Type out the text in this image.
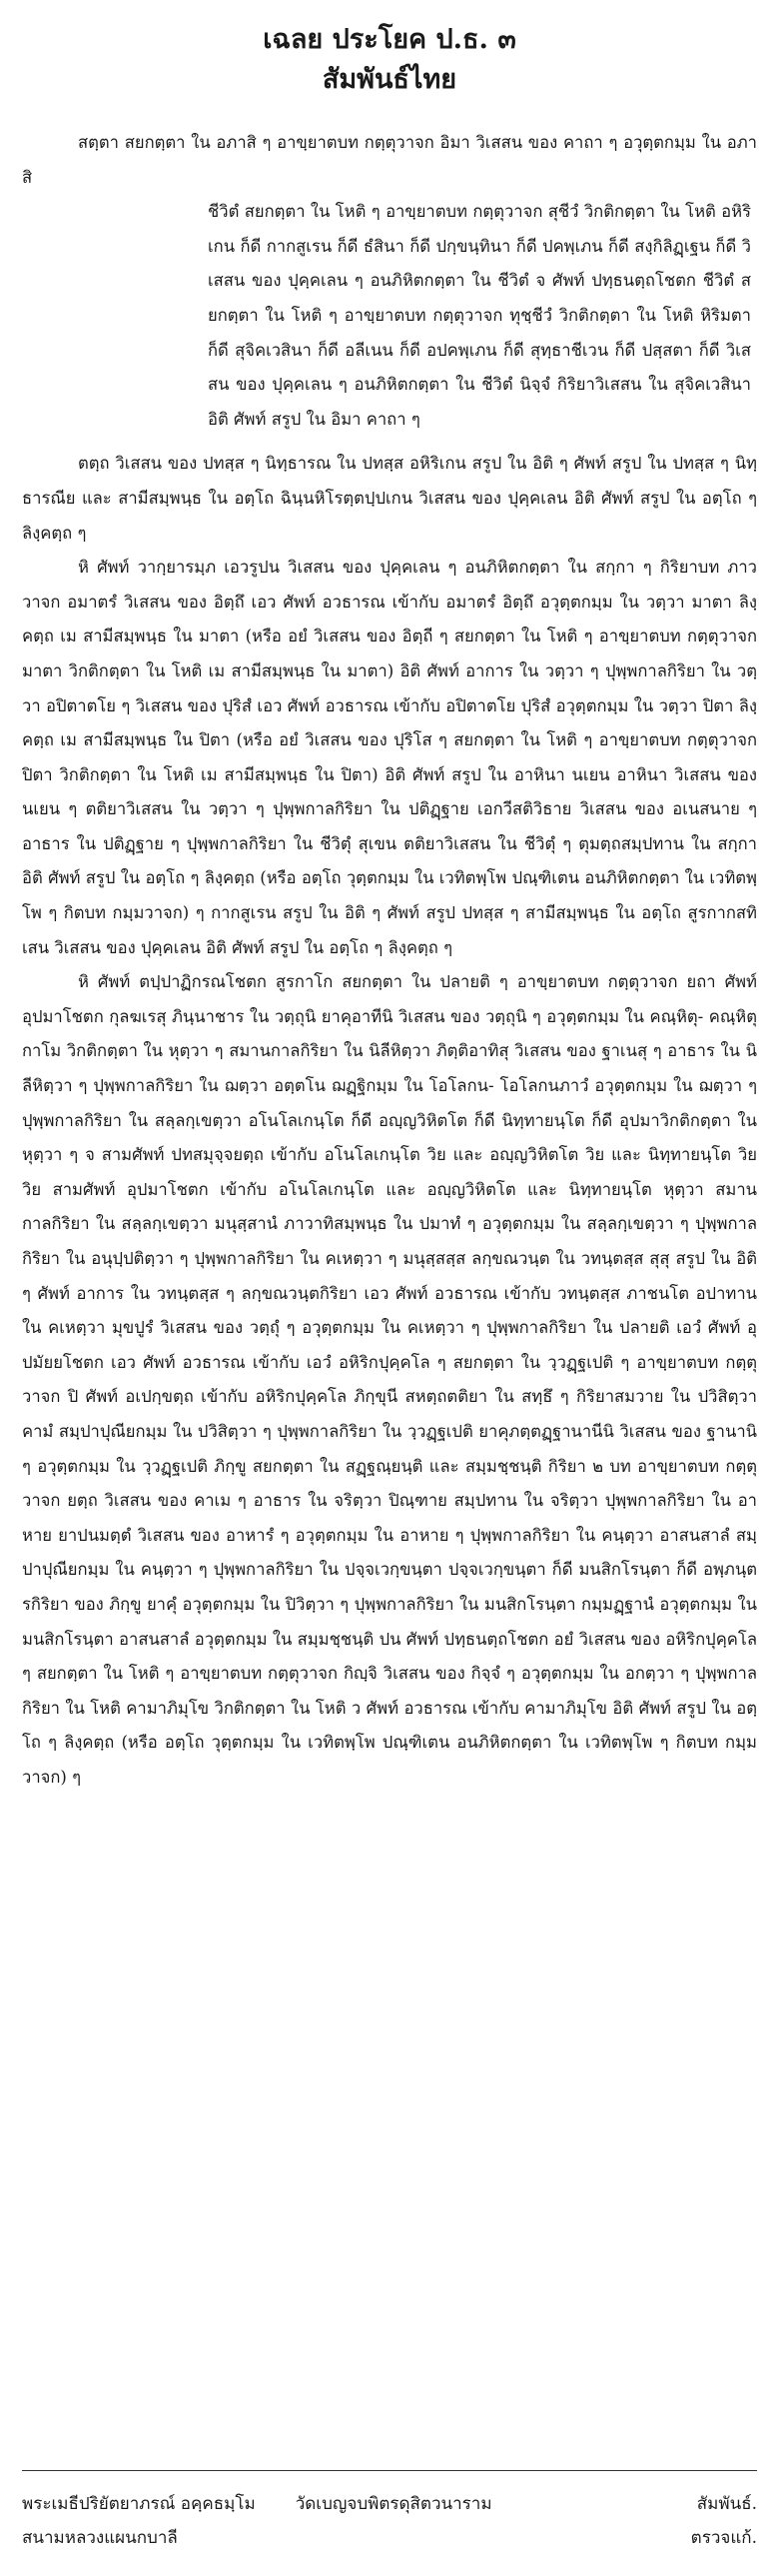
เฉลย ประโยค ป.ธ. ๓
สัมพันธ์ไทย

สตฺตา สยกตฺตา ใน อภาสิ ๆ อาขฺยาตบท กตฺตุวาจก อิมา วิเสสน ของ คาถา ๆ อวุตฺตกมฺม ใน อภาสิ

ชีวิตํ สยกตฺตา ใน โหติ ๆ อาขฺยาตบท กตฺตุวาจก สุชีวํ วิกติกตฺตา ใน โหติ อหิริเกน ก็ดี กากสูเรน ก็ดี ธํสินา ก็ดี ปกฺขนฺทินา ก็ดี ปคพฺเภน ก็ดี สงฺกิลิฏฺเฐน ก็ดี วิเสสน ของ ปุคฺคเลน ๆ อนภิหิตกตฺตา ใน ชีวิตํ จ ศัพท์ ปทฺธนตฺถโชตก ชีวิตํ สยกตฺตา ใน โหติ ๆ อาขฺยาตบท กตฺตุวาจก ทุชฺชีวํ วิกติกตฺตา ใน โหติ หิริมตา ก็ดี สุจิคเวสินา ก็ดี อลีเนน ก็ดี อปคพฺเภน ก็ดี สุทฺธาชีเวน ก็ดี ปสฺสตา ก็ดี วิเสสน ของ ปุคฺคเลน ๆ อนภิหิตกตฺตา ใน ชีวิตํ นิจฺจํ กิริยาวิเสสน ใน สุจิคเวสินา อิติ ศัพท์ สรูป ใน อิมา คาถา ๆ

ตตฺถ วิเสสน ของ ปทสฺส ๆ นิทฺธารณ ใน ปทสฺส อหิริเกน สรูป ใน อิติ ๆ ศัพท์ สรูป ใน ปทสฺส ๆ นิทฺธารณีย และ สามีสมฺพนฺธ ใน อตฺโถ ฉินฺนหิโรตฺตปฺปเกน วิเสสน ของ ปุคฺคเลน อิติ ศัพท์ สรูป ใน อตฺโถ ๆ ลิงฺคตฺถ ๆ

หิ ศัพท์ วากฺยารมฺภ เอวรูปน วิเสสน ของ ปุคฺคเลน ๆ อนภิหิตกตฺตา ใน สกฺกา ๆ กิริยาบท ภาววาจก อมาตรํ วิเสสน ของ อิตฺถึ เอว ศัพท์ อวธารณ เข้ากับ อมาตรํ อิตฺถึ อวุตฺตกมฺม ใน วตฺวา มาตา ลิงฺคตฺถ เม สามีสมฺพนฺธ ใน มาตา (หรือ อยํ วิเสสน ของ อิตฺถี ๆ สยกตฺตา ใน โหติ ๆ อาขฺยาตบท กตฺตุวาจก มาตา วิกติกตฺตา ใน โหติ เม สามีสมฺพนฺธ ใน มาตา) อิติ ศัพท์ อาการ ใน วตฺวา ๆ ปุพฺพกาลกิริยา ใน วตฺวา อปิตาตโย ๆ วิเสสน ของ ปุริสํ เอว ศัพท์ อวธารณ เข้ากับ อปิตาตโย ปุริสํ อวุตฺตกมฺม ใน วตฺวา ปิตา ลิงฺคตฺถ เม สามีสมฺพนฺธ ใน ปิตา (หรือ อยํ วิเสสน ของ ปุริโส ๆ สยกตฺตา ใน โหติ ๆ อาขฺยาตบท กตฺตุวาจก ปิตา วิกติกตฺตา ใน โหติ เม สามีสมฺพนฺธ ใน ปิตา) อิติ ศัพท์ สรูป ใน อาหินา นเยน อาหินา วิเสสน ของ นเยน ๆ ตติยาวิเสสน ใน วตฺวา ๆ ปุพฺพกาลกิริยา ใน ปติฏฺฐาย เอกวีสติวิธาย วิเสสน ของ อเนสนาย ๆ อาธาร ใน ปติฏฺฐาย ๆ ปุพฺพกาลกิริยา ใน ชีวิตุํ สุเขน ตติยาวิเสสน ใน ชีวิตุํ ๆ ตุมตฺถสมฺปทาน ใน สกฺกา อิติ ศัพท์ สรูป ใน อตฺโถ ๆ ลิงฺคตฺถ (หรือ อตฺโถ วุตฺตกมฺม ใน เวทิตพฺโพ ปณฺฑิเตน อนภิหิตกตฺตา ใน เวทิตพฺโพ ๆ กิตบท กมฺมวาจก) ๆ กากสูเรน สรูป ใน อิติ ๆ ศัพท์ สรูป ปทสฺส ๆ สามีสมฺพนฺธ ใน อตฺโถ สูรกากสทิเสน วิเสสน ของ ปุคฺคเลน อิติ ศัพท์ สรูป ใน อตฺโถ ๆ ลิงฺคตฺถ ๆ

หิ ศัพท์ ตปฺปาฏิกรณโชตก สูรกาโก สยกตฺตา ใน ปลายติ ๆ อาขฺยาตบท กตฺตุวาจก ยถา ศัพท์ อุปมาโชตก กุลฆเรสุ ภินฺนาชาร ใน วตฺถุนิ ยาคุอาทีนิ วิเสสน ของ วตฺถุนิ ๆ อวุตฺตกมฺม ใน คณฺหิตุ- คณฺหิตุกาโม วิกติกตฺตา ใน หุตฺวา ๆ สมานกาลกิริยา ใน นิลีหิตฺวา ภิตฺติอาทิสุ วิเสสน ของ ฐาเนสุ ๆ อาธาร ใน นิลีหิตฺวา ๆ ปุพฺพกาลกิริยา ใน ฌตฺวา อตฺตโน ฌฏฺฐิกมฺม ใน โอโลกน- โอโลกนภาวํ อวุตฺตกมฺม ใน ฌตฺวา ๆ ปุพฺพกาลกิริยา ใน สลฺลกฺเขตฺวา อโนโลเกนฺโต ก็ดี อญฺญวิหิตโต ก็ดี นิทฺทายนฺโต ก็ดี อุปมาวิกติกตฺตา ใน หุตฺวา ๆ จ สามศัพท์ ปทสมุจฺจยตฺถ เข้ากับ อโนโลเกนฺโต วิย และ อญฺญวิหิตโต วิย และ นิทฺทายนฺโต วิย วิย สามศัพท์ อุปมาโชตก เข้ากับ อโนโลเกนฺโต และ อญฺญวิหิตโต และ นิทฺทายนฺโต หุตฺวา สมานกาลกิริยา ใน สลฺลกฺเขตฺวา มนุสฺสานํ ภาวาทิสมฺพนฺธ ใน ปมาทํ ๆ อวุตฺตกมฺม ใน สลฺลกฺเขตฺวา ๆ ปุพฺพกาลกิริยา ใน อนุปฺปติตฺวา ๆ ปุพฺพกาลกิริยา ใน คเหตฺวา ๆ มนุสฺสสฺส ลกฺขณวนฺต ใน วทนฺตสฺส สุสุ สรูป ใน อิติ ๆ ศัพท์ อาการ ใน วทนฺตสฺส ๆ ลกฺขณวนฺตกิริยา เอว ศัพท์ อวธารณ เข้ากับ วทนฺตสฺส ภาชนโต อปาทาน ใน คเหตฺวา มุขปูรํ วิเสสน ของ วตฺถุํ ๆ อวุตฺตกมฺม ใน คเหตฺวา ๆ ปุพฺพกาลกิริยา ใน ปลายติ เอวํ ศัพท์ อุปมัยยโชตก เอว ศัพท์ อวธารณ เข้ากับ เอวํ อหิริกปุคฺคโล ๆ สยกตฺตา ใน วฺวฏฺฐเปติ ๆ อาขฺยาตบท กตฺตุวาจก ปิ ศัพท์ อเปกฺขตฺถ เข้ากับ อหิริกปุคฺคโล ภิกฺขุนี สหตฺถตติยา ใน สทฺธึ ๆ กิริยาสมวาย ใน ปวิสิตฺวา คามํ สมฺปาปุณียกมฺม ใน ปวิสิตฺวา ๆ ปุพฺพกาลกิริยา ใน วฺวฏฺฐเปติ ยาคุภตฺตฏฺฐานานีนิ วิเสสน ของ ฐานานิ ๆ อวุตฺตกมฺม ใน วฺวฏฺฐเปติ ภิกฺขู สยกตฺตา ใน สฏฺฐณฺยนฺติ และ สมฺมชฺชนฺติ กิริยา ๒ บท อาขฺยาตบท กตฺตุวาจก ยตฺถ วิเสสน ของ คาเม ๆ อาธาร ใน จริตฺวา ปิณฺฑาย สมฺปทาน ใน จริตฺวา ปุพฺพกาลกิริยา ใน อาหาย ยาปนมตฺตํ วิเสสน ของ อาหารํ ๆ อวุตฺตกมฺม ใน อาหาย ๆ ปุพฺพกาลกิริยา ใน คนฺตฺวา อาสนสาลํ สมฺปาปุณียกมฺม ใน คนฺตฺวา ๆ ปุพฺพกาลกิริยา ใน ปจฺจเวกฺขนฺตา ปจฺจเวกฺขนฺตา ก็ดี มนสิกโรนฺตา ก็ดี อพฺภนฺตรกิริยา ของ ภิกฺขู ยาคุํ อวุตฺตกมฺม ใน ปิวิตฺวา ๆ ปุพฺพกาลกิริยา ใน มนสิกโรนฺตา กมฺมฏฺฐานํ อวุตฺตกมฺม ใน มนสิกโรนฺตา อาสนสาลํ อวุตฺตกมฺม ใน สมฺมชฺชนฺติ ปน ศัพท์ ปทฺธนตฺถโชตก อยํ วิเสสน ของ อหิริกปุคฺคโล ๆ สยกตฺตา ใน โหติ ๆ อาขฺยาตบท กตฺตุวาจก กิญฺจิ วิเสสน ของ กิจฺจํ ๆ อวุตฺตกมฺม ใน อกตฺวา ๆ ปุพฺพกาลกิริยา ใน โหติ คามาภิมุโข วิกติกตฺตา ใน โหติ ว ศัพท์ อวธารณ เข้ากับ คามาภิมุโข อิติ ศัพท์ สรูป ใน อตฺโถ ๆ ลิงฺคตฺถ (หรือ อตฺโถ วุตฺตกมฺม ใน เวทิตพฺโพ ปณฺฑิเตน อนภิหิตกตฺตา ใน เวทิตพฺโพ ๆ กิตบท กมฺมวาจก) ๆ

พระเมธีปริยัตยาภรณ์ อคฺคธมฺโม วัดเบญจบพิตรดุสิตวนาราม	สัมพันธ์.
สนามหลวงแผนกบาลี	ตรวจแก้.
